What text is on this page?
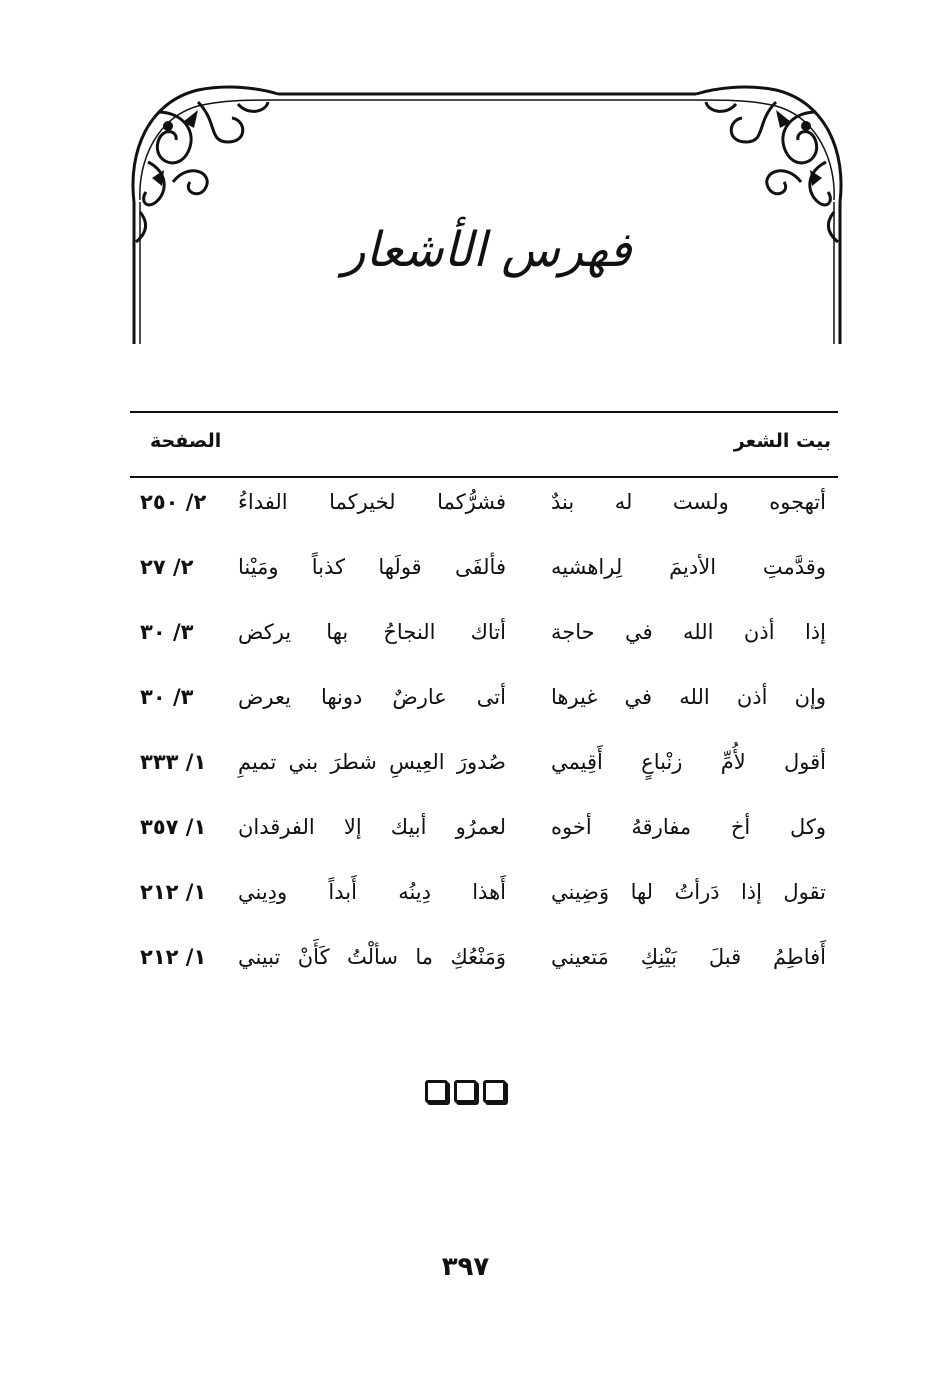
فهرس الأشعار
بيت الشعر
الصفحة
أتهجوه ولست له بندٌ
فشرُّكما لخيركما الفداءُ
٢/ ٢٥٠
وقدَّمتِ الأديمَ لِراهشيه
فألفَى قولَها كذباً ومَيْنا
٢/ ٢٧
إذا أذن الله في حاجة
أتاك النجاحُ بها يركض
٣/ ٣٠
وإن أذن الله في غيرها
أتى عارضٌ دونها يعرض
٣/ ٣٠
أقول لأُمِّ زنْباعٍ أَقِيمي
صُدورَ العِيسِ شطرَ بني تميمِ
١/ ٣٣٣
وكل أخ مفارقهُ أخوه
لعمرُو أبيك إلا الفرقدان
١/ ٣٥٧
تقول إذا دَرأتُ لها وَضِيني
أَهذا دِينُه أَبداً ودِيني
١/ ٢١٢
أَفاطِمُ قبلَ بَيْنِكِ مَتعيني
وَمَنْعُكِ ما سألْتُ كَأَنْ تبيني
١/ ٢١٢
٣٩٧
